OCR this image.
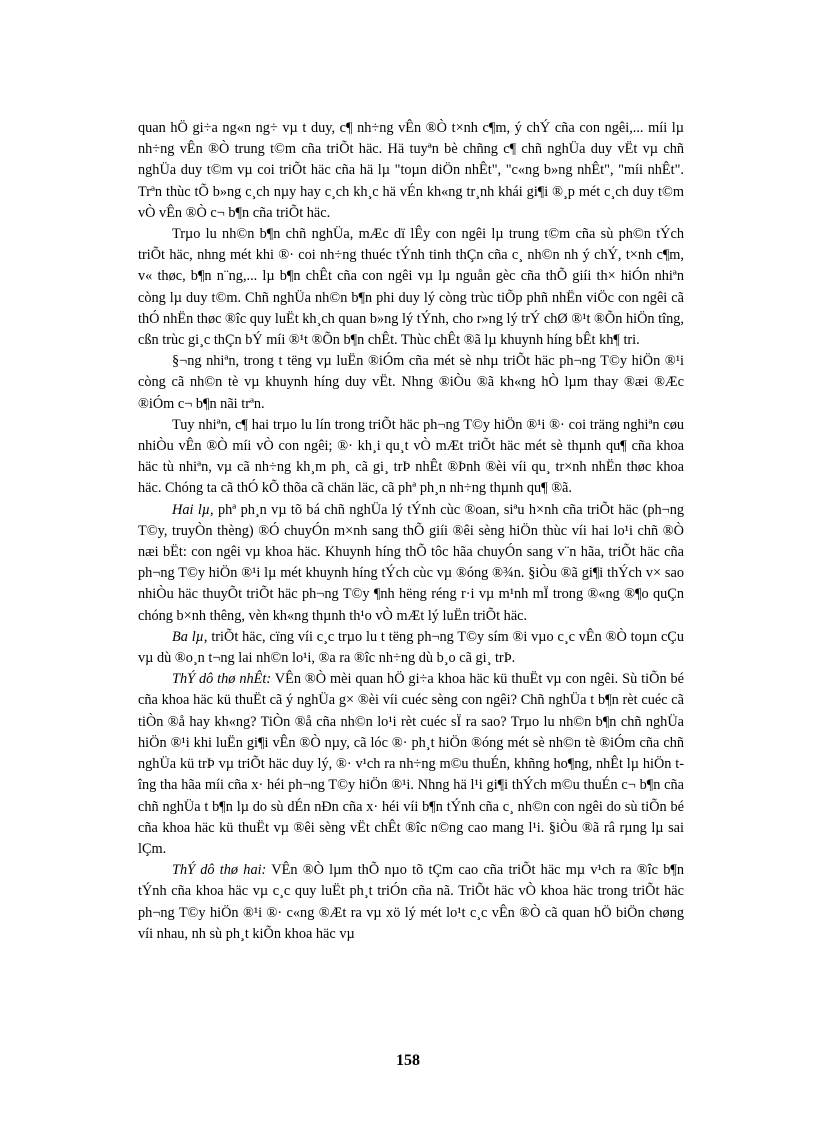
quan hÖ gi÷a ng«n ng÷ vµ t duy, c¶ nh÷ng vÊn ®Ò t×nh c¶m, ý chÝ cña con ngêi,... míi lµ nh÷ng vÊn ®Ò trung t©m cña triÕt häc. Hä tuyªn bè chñng c¶ chñ nghÜa duy vËt vµ chñ nghÜa duy t©m vµ coi triÕt häc cña hä lµ "toµn diÖn nhÊt", "c«ng b»ng nhÊt", "míi nhÊt". Trªn thùc tÕ b»ng c¸ch nµy hay c¸ch kh¸c hä vÉn kh«ng tr¸nh khái gi¶i ®¸p mét c¸ch duy t©m vÒ vÊn ®Ò c¬ b¶n cña triÕt häc.

Trµo lu nh©n b¶n chñ nghÜa, mÆc dï lÊy con ngêi lµ trung t©m cña sù ph©n tÝch triÕt häc, nhng mét khi ®· coi nh÷ng thuéc tÝnh tinh thÇn cña c¸ nh©n nh ý chÝ, t×nh c¶m, v« thøc, b¶n n¨ng,... lµ b¶n chÊt cña con ngêi vµ lµ nguån gèc cña thÕ giíi th× hiÓn nhiªn còng lµ duy t©m. Chñ nghÜa nh©n b¶n phi duy lý còng trùc tiÕp phñ nhËn viÖc con ngêi cã thÓ nhËn thøc ®îc quy luËt kh¸ch quan b»ng lý tÝnh, cho r»ng lý trÝ chØ ®¹t ®Õn hiÖn tîng, cßn trùc gi¸c thÇn bÝ míi ®¹t ®Õn b¶n chÊt. Thùc chÊt ®ã lµ khuynh híng bÊt kh¶ tri.

§¬ng nhiªn, trong t tëng vµ luËn ®iÓm cña mét sè nhµ triÕt häc ph¬ng T©y hiÖn ®¹i còng cã nh©n tè vµ khuynh híng duy vËt. Nhng ®iÒu ®ã kh«ng hÒ lµm thay ®æi ®Æc ®iÓm c¬ b¶n nãi trªn.

Tuy nhiªn, c¶ hai trµo lu lín trong triÕt häc ph¬ng T©y hiÖn ®¹i ®· coi träng nghiªn cøu nhiÒu vÊn ®Ò míi vÒ con ngêi; ®· kh¸i qu¸t vÒ mÆt triÕt häc mét sè thµnh qu¶ cña khoa häc tù nhiªn, vµ cã nh÷ng kh¸m ph¸ cã gi¸ trÞ nhÊt ®Þnh ®èi víi qu¸ tr×nh nhËn thøc khoa häc. Chóng ta cã thÓ kÕ thõa cã chän läc, cã phª ph¸n nh÷ng thµnh qu¶ ®ã.

Hai lµ, phª ph¸n vµ tõ bá chñ nghÜa lý tÝnh cùc ®oan, siªu h×nh cña triÕt häc (ph¬ng T©y, truyÒn thèng) ®Ó chuyÓn m×nh sang thÕ giíi ®êi sèng hiÖn thùc víi hai lo¹i chñ ®Ò næi bËt: con ngêi vµ khoa häc. Khuynh híng thÕ tôc hãa chuyÓn sang v¨n hãa, triÕt häc cña ph¬ng T©y hiÖn ®¹i lµ mét khuynh híng tÝch cùc vµ ®óng ®¾n. §iÒu ®ã gi¶i thÝch v× sao nhiÒu häc thuyÕt triÕt häc ph¬ng T©y ¶nh hëng réng r·i vµ m¹nh mÏ trong ®«ng ®¶o quÇn chóng b×nh thêng, vèn kh«ng thµnh th¹o vÒ mÆt lý luËn triÕt häc.

Ba lµ, triÕt häc, cïng víi c¸c trµo lu t tëng ph¬ng T©y sím ®i vµo c¸c vÊn ®Ò toµn cÇu vµ dù ®o¸n t¬ng lai nh©n lo¹i, ®a ra ®îc nh÷ng dù b¸o cã gi¸ trÞ.

ThÝ dô thø nhÊt: VÊn ®Ò mèi quan hÖ gi÷a khoa häc kü thuËt vµ con ngêi. Sù tiÕn bé cña khoa häc kü thuËt cã ý nghÜa g× ®èi víi cuéc sèng con ngêi? Chñ nghÜa t b¶n rèt cuéc cã tiÒn ®å hay kh«ng? TiÒn ®å cña nh©n lo¹i rèt cuéc sÏ ra sao? Trµo lu nh©n b¶n chñ nghÜa hiÖn ®¹i khi luËn gi¶i vÊn ®Ò nµy, cã lóc ®· ph¸t hiÖn ®óng mét sè nh©n tè ®iÓm cña chñ nghÜa kü trÞ vµ triÕt häc duy lý, ®· v¹ch ra nh÷ng m©u thuÉn, khñng ho¶ng, nhÊt lµ hiÖn tîng tha hãa míi cña x· héi ph¬ng T©y hiÖn ®¹i. Nhng hä l¹i gi¶i thÝch m©u thuÉn c¬ b¶n cña chñ nghÜa t b¶n lµ do sù dÉn nÐn cña x· héi víi b¶n tÝnh cña c¸ nh©n con ngêi do sù tiÕn bé cña khoa häc kü thuËt vµ ®êi sèng vËt chÊt ®îc n©ng cao mang l¹i. §iÒu ®ã râ rµng lµ sai lÇm.

ThÝ dô thø hai: VÊn ®Ò lµm thÕ nµo tõ tÇm cao cña triÕt häc mµ v¹ch ra ®îc b¶n tÝnh cña khoa häc vµ c¸c quy luËt ph¸t triÓn cña nã. TriÕt häc vÒ khoa häc trong triÕt häc ph¬ng T©y hiÖn ®¹i ®· c«ng ®Æt ra vµ xö lý mét lo¹t c¸c vÊn ®Ò cã quan hÖ biÖn chøng víi nhau, nh sù ph¸t kiÕn khoa häc vµ

158
